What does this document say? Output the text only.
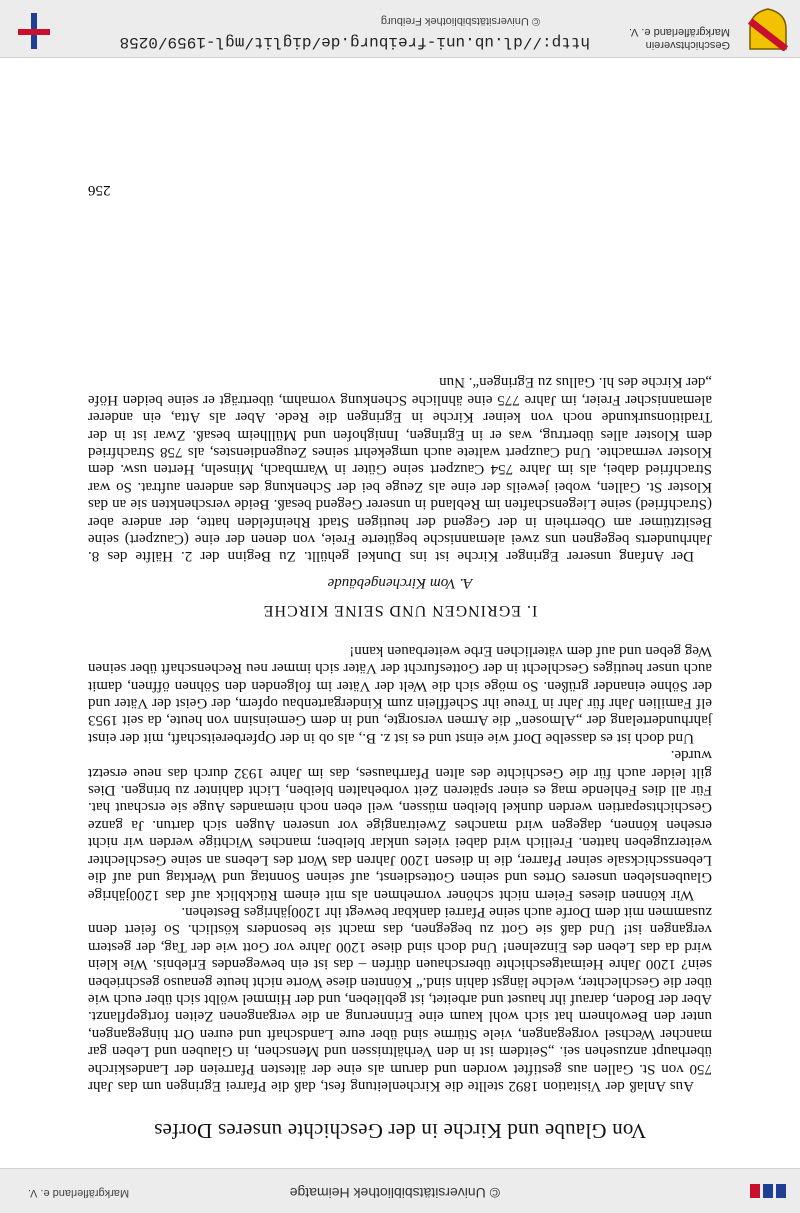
© Universitätsbibliothek Heimatge
Markgräflerland e. V.
Von Glaube und Kirche in der Geschichte unseres Dorfes

Aus Anlaß der Visitation 1892 stellte die Kirchenleitung fest, daß die Pfarrei Egringen um das Jahr 750 von St. Gallen aus gestiftet worden und darum als eine der ältesten Pfarreien der Landeskirche überhaupt anzusehen sei. „Seitdem ist in den Verhältnissen und Menschen, in Glauben und Leben gar mancher Wechsel vorgegangen, viele Stürme sind über eure Landschaft und euren Ort hingegangen, unter den Bewohnern hat sich wohl kaum eine Erinnerung an die vergangenen Zeiten fortgepflanzt. Aber der Boden, darauf ihr hauset und arbeitet, ist geblieben, und der Himmel wölbt sich über euch wie über die Geschlechter, welche längst dahin sind.“ Könnten diese Worte nicht heute genauso geschrieben sein? 1200 Jahre Heimatgeschichte überschauen dürfen – das ist ein bewegendes Erlebnis. Wie klein wird da das Leben des Einzelnen! Und doch sind diese 1200 Jahre vor Gott wie der Tag, der gestern vergangen ist! Und daß sie Gott zu begegnen, das macht sie besonders köstlich. So feiert denn zusammen mit dem Dorfe auch seine Pfarrei dankbar bewegt ihr 1200jähriges Bestehen.

Wir können dieses Feiern nicht schöner vornehmen als mit einem Rückblick auf das 1200jährige Glaubensleben unseres Ortes und seinen Gottesdienst, auf seinen Sonntag und Werktag und auf die Lebensschicksale seiner Pfarrer, die in diesen 1200 Jahren das Wort des Lebens an seine Geschlechter weiterzugeben hatten. Freilich wird dabei vieles unklar bleiben; manches Wichtige werden wir nicht ersehen können, dagegen wird manches Zweitrangige vor unseren Augen sich dartun. Ja ganze Geschichtsepartien werden dunkel bleiben müssen, weil eben noch niemandes Auge sie erschaut hat. Für all dies Fehlende mag es einer späteren Zeit vorbehalten bleiben, Licht dahinter zu bringen. Dies gilt leider auch für die Geschichte des alten Pfarrhauses, das im Jahre 1932 durch das neue ersetzt wurde.

Und doch ist es dasselbe Dorf wie einst und es ist z. B., als ob in der Opferbereitschaft, mit der einst jahrhundertelang der „Almosen“ die Armen versorgte, und in dem Gemeinsinn von heute, da seit 1953 elf Familien Jahr für Jahr in Treue ihr Schefflein zum Kindergartenbau opfern, der Geist der Väter und der Söhne einander grüßen. So möge sich die Welt der Väter im folgenden den Söhnen öffnen, damit auch unser heutiges Geschlecht in der Gottesfurcht der Väter sich immer neu Rechenschaft über seinen Weg geben und auf dem väterlichen Erbe weiterbauen kann!

I. EGRINGEN UND SEINE KIRCHE
A. Vom Kirchengebäude

Der Anfang unserer Egringer Kirche ist ins Dunkel gehüllt. Zu Beginn der 2. Hälfte des 8. Jahrhunderts begegnen uns zwei alemannische begüterte Freie, von denen der eine (Cauzpert) seine Besitztümer am Oberrhein in der Gegend der heutigen Stadt Rheinfelden hatte, der andere aber (Strachfried) seine Liegenschaften im Rebland in unserer Gegend besaß. Beide verschenkten sie an das Kloster St. Gallen, wobei jeweils der eine als Zeuge bei der Schenkung des anderen auftrat. So war Strachfried dabei, als im Jahre 754 Cauzpert seine Güter in Warmbach, Minseln, Herten usw. dem Kloster vermachte. Und Cauzpert waltete auch umgekehrt seines Zeugendienstes, als 758 Strachfried dem Kloster alles übertrug, was er in Egringen, Innighofen und Müllheim besaß. Zwar ist in der Traditionsurkunde noch von keiner Kirche in Egringen die Rede. Aber als Atta, ein anderer alemannischer Freier, im Jahre 775 eine ähnliche Schenkung vornahm, überträgt er seine beiden Höfe „der Kirche des hl. Gallus zu Egringen“. Nun

256
Geschichtsverein
Markgräflerland e. V.
http://dl.ub.uni-freiburg.de/diglit/mgl-1959/0258
© Universitätsbibliothek Freiburg
